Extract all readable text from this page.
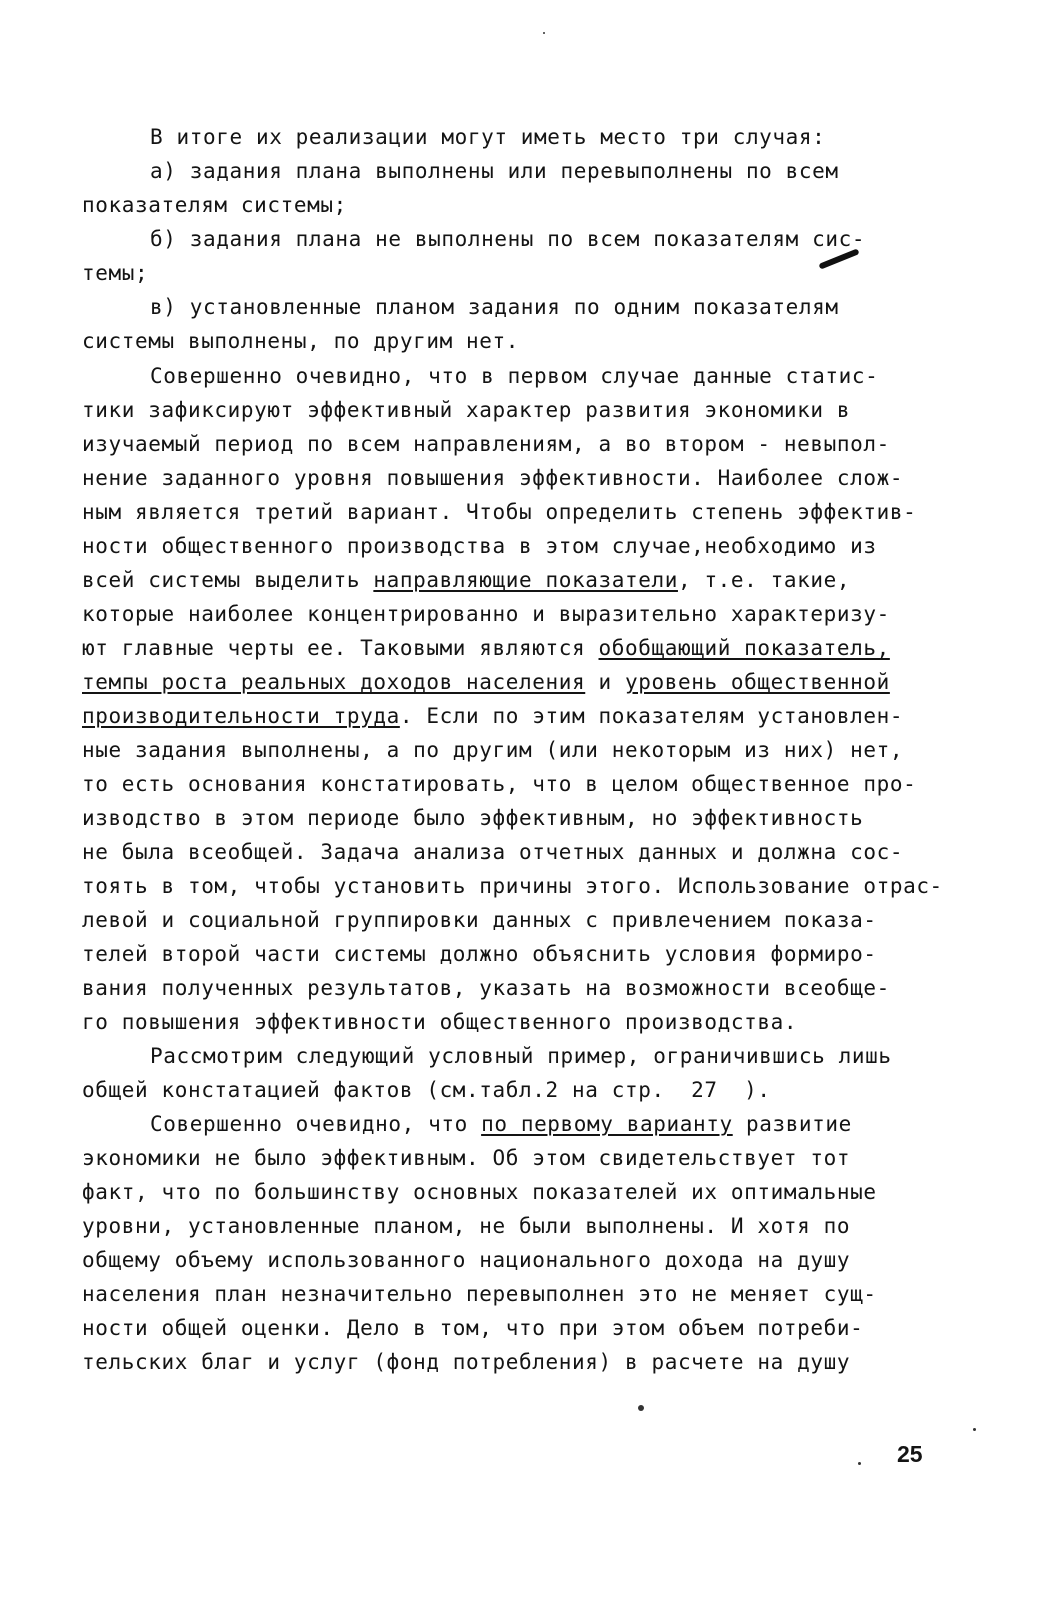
В итоге их реализации могут иметь место три случая:
а) задания плана выполнены или перевыполнены по всем
показателям системы;
б) задания плана не выполнены по всем показателям сис-
темы;
в) установленные планом задания по одним показателям
системы выполнены, по другим нет.
Совершенно очевидно, что в первом случае данные статис-
тики зафиксируют эффективный характер развития экономики в
изучаемый период по всем направлениям, а во втором - невыпол-
нение заданного уровня повышения эффективности. Наиболее слож-
ным является третий вариант. Чтобы определить степень эффектив-
ности общественного производства в этом случае,необходимо из
всей системы выделить направляющие показатели, т.е. такие,
которые наиболее концентрированно и выразительно характеризу-
ют главные черты ее. Таковыми являются обобщающий показатель,
темпы роста реальных доходов населения и уровень общественной
производительности труда. Если по этим показателям установлен-
ные задания выполнены, а по другим (или некоторым из них) нет,
то есть основания констатировать, что в целом общественное про-
изводство в этом периоде было эффективным, но эффективность
не была всеобщей. Задача анализа отчетных данных и должна сос-
тоять в том, чтобы установить причины этого. Использование отрас-
левой и социальной группировки данных с привлечением показа-
телей второй части системы должно объяснить условия формиро-
вания полученных результатов, указать на возможности всеобще-
го повышения эффективности общественного производства.
Рассмотрим следующий условный пример, ограничившись лишь
общей констатацией фактов (см.табл.2 на стр.  27  ).
Совершенно очевидно, что по первому варианту развитие
экономики не было эффективным. Об этом свидетельствует тот
факт, что по большинству основных показателей их оптимальные
уровни, установленные планом, не были выполнены. И хотя по
общему объему использованного национального дохода на душу
населения план незначительно перевыполнен это не меняет сущ-
ности общей оценки. Дело в том, что при этом объем потреби-
тельских благ и услуг (фонд потребления) в расчете на душу
25
